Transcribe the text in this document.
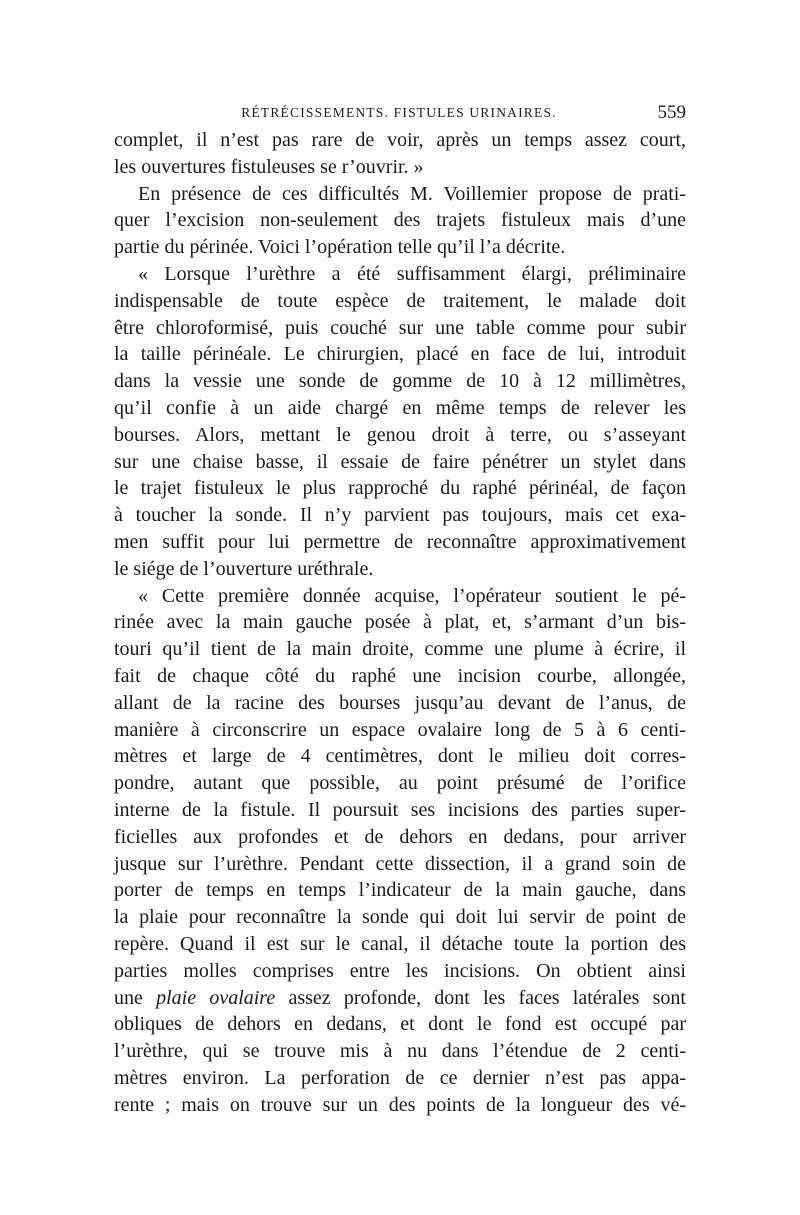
RÉTRÉCISSEMENTS. FISTULES URINAIRES.	559
complet, il n’est pas rare de voir, après un temps assez court,
les ouvertures fistuleuses se r’ouvrir. »
En présence de ces difficultés M. Voillemier propose de prati-
quer l’excision non-seulement des trajets fistuleux mais d’une
partie du périnée. Voici l’opération telle qu’il l’a décrite.
« Lorsque l’urèthre a été suffisamment élargi, préliminaire
indispensable de toute espèce de traitement, le malade doit
être chloroformisé, puis couché sur une table comme pour subir
la taille périnéale. Le chirurgien, placé en face de lui, introduit
dans la vessie une sonde de gomme de 10 à 12 millimètres,
qu’il confie à un aide chargé en même temps de relever les
bourses. Alors, mettant le genou droit à terre, ou s’asseyant
sur une chaise basse, il essaie de faire pénétrer un stylet dans
le trajet fistuleux le plus rapproché du raphé périnéal, de façon
à toucher la sonde. Il n’y parvient pas toujours, mais cet exa-
men suffit pour lui permettre de reconnaître approximativement
le siége de l’ouverture uréthrale.
« Cette première donnée acquise, l’opérateur soutient le pé-
rinée avec la main gauche posée à plat, et, s’armant d’un bis-
touri qu’il tient de la main droite, comme une plume à écrire, il
fait de chaque côté du raphé une incision courbe, allongée,
allant de la racine des bourses jusqu’au devant de l’anus, de
manière à circonscrire un espace ovalaire long de 5 à 6 centi-
mètres et large de 4 centimètres, dont le milieu doit corres-
pondre, autant que possible, au point présumé de l’orifice
interne de la fistule. Il poursuit ses incisions des parties super-
ficielles aux profondes et de dehors en dedans, pour arriver
jusque sur l’urèthre. Pendant cette dissection, il a grand soin de
porter de temps en temps l’indicateur de la main gauche, dans
la plaie pour reconnaître la sonde qui doit lui servir de point de
repère. Quand il est sur le canal, il détache toute la portion des
parties molles comprises entre les incisions. On obtient ainsi
une plaie ovalaire assez profonde, dont les faces latérales sont
obliques de dehors en dedans, et dont le fond est occupé par
l’urèthre, qui se trouve mis à nu dans l’étendue de 2 centi-
mètres environ. La perforation de ce dernier n’est pas appa-
rente ; mais on trouve sur un des points de la longueur des vé-
